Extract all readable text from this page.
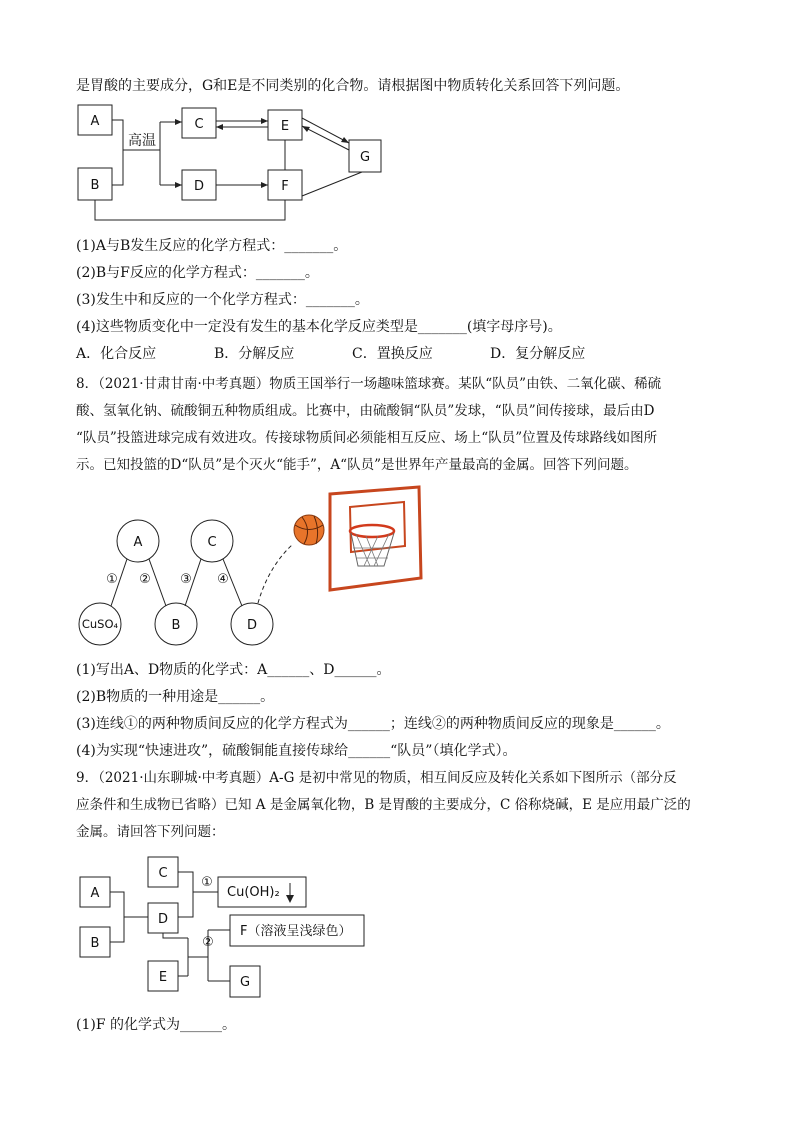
是胃酸的主要成分，G和E是不同类别的化合物。请根据图中物质转化关系回答下列问题。
A
B
C
D
E
F
G
高温
(1)A与B发生反应的化学方程式：_______。
(2)B与F反应的化学方程式：_______。
(3)发生中和反应的一个化学方程式：_______。
(4)这些物质变化中一定没有发生的基本化学反应类型是_______(填字母序号)。
A．化合反应	B．分解反应	C．置换反应	D．复分解反应
8．（2021·甘肃甘南·中考真题）物质王国举行一场趣味篮球赛。某队“队员”由铁、二氧化碳、稀硫
酸、氢氧化钠、硫酸铜五种物质组成。比赛中，由硫酸铜“队员”发球，“队员”间传接球，最后由D
“队员”投篮进球完成有效进攻。传接球物质间必须能相互反应、场上“队员”位置及传球路线如图所
示。已知投篮的D“队员”是个灭火“能手”，A“队员”是世界年产量最高的金属。回答下列问题。
A	C
CuSO₄	B	D
① ② ③ ④
(1)写出A、D物质的化学式：A______、D______。
(2)B物质的一种用途是______。
(3)连线①的两种物质间反应的化学方程式为______；连线②的两种物质间反应的现象是______。
(4)为实现“快速进攻”，硫酸铜能直接传球给______“队员”（填化学式）。
9．（2021·山东聊城·中考真题）A-G 是初中常见的物质，相互间反应及转化关系如下图所示（部分反
应条件和生成物已省略）已知 A 是金属氧化物，B 是胃酸的主要成分，C 俗称烧碱，E 是应用最广泛的
金属。请回答下列问题：
A
B
C
D
E	G
①
②
Cu(OH)₂
F（溶液呈浅绿色）
(1)F 的化学式为______。
